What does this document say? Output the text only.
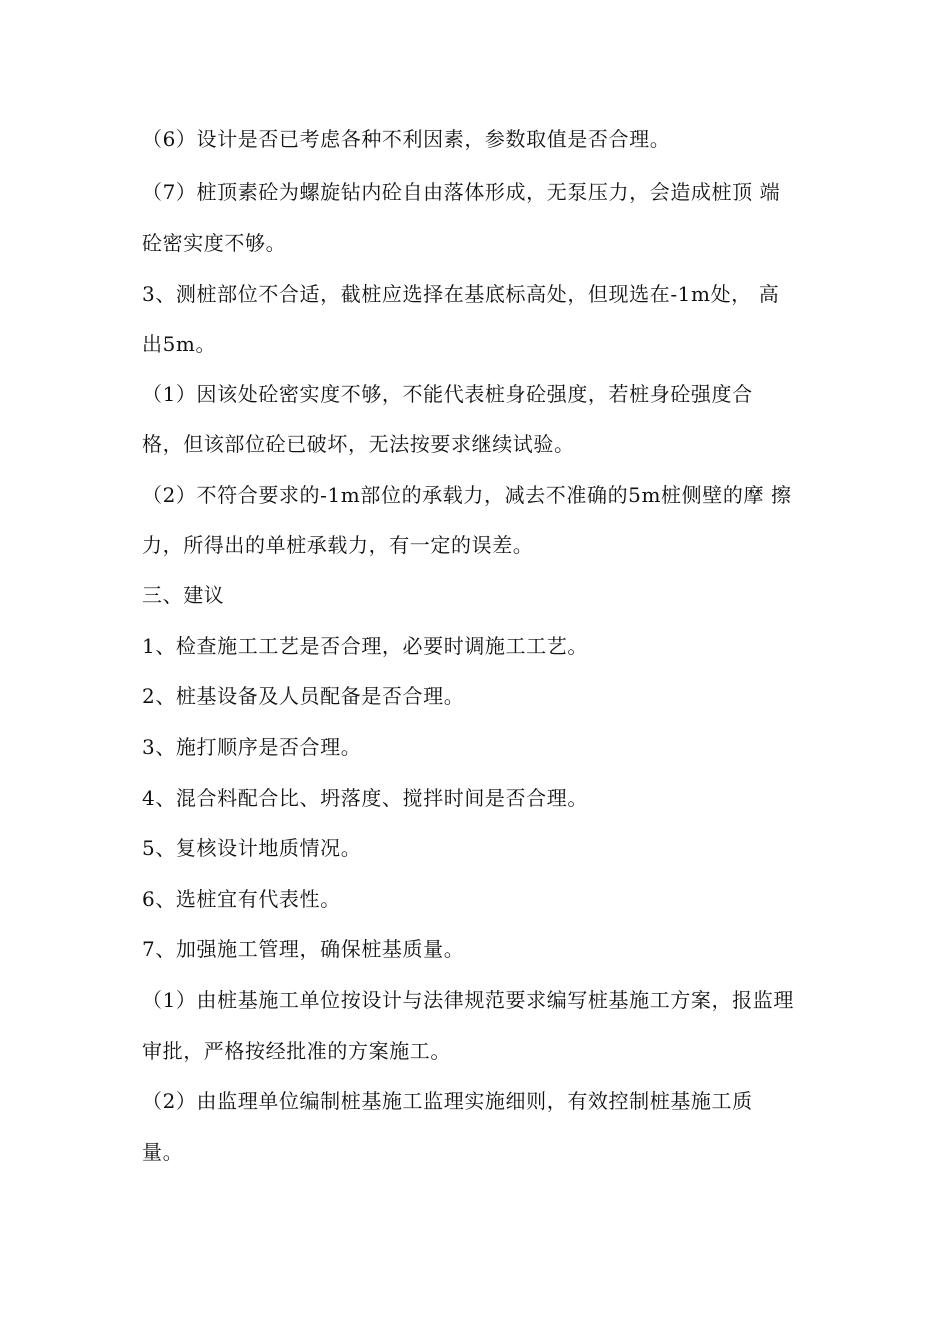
（6）设计是否已考虑各种不利因素，参数取值是否合理。
（7）桩顶素砼为螺旋钻内砼自由落体形成，无泵压力，会造成桩顶 端
砼密实度不够。
3、测桩部位不合适，截桩应选择在基底标高处，但现选在-1m处， 高
出5m。
（1）因该处砼密实度不够，不能代表桩身砼强度，若桩身砼强度合
格，但该部位砼已破坏，无法按要求继续试验。
（2）不符合要求的-1m部位的承载力，减去不准确的5m桩侧壁的摩 擦
力，所得出的单桩承载力，有一定的误差。
三、建议
1、检查施工工艺是否合理，必要时调施工工艺。
2、桩基设备及人员配备是否合理。
3、施打顺序是否合理。
4、混合料配合比、坍落度、搅拌时间是否合理。
5、复核设计地质情况。
6、选桩宜有代表性。
7、加强施工管理，确保桩基质量。
（1）由桩基施工单位按设计与法律规范要求编写桩基施工方案，报监理
审批，严格按经批准的方案施工。
（2）由监理单位编制桩基施工监理实施细则，有效控制桩基施工质
量。
